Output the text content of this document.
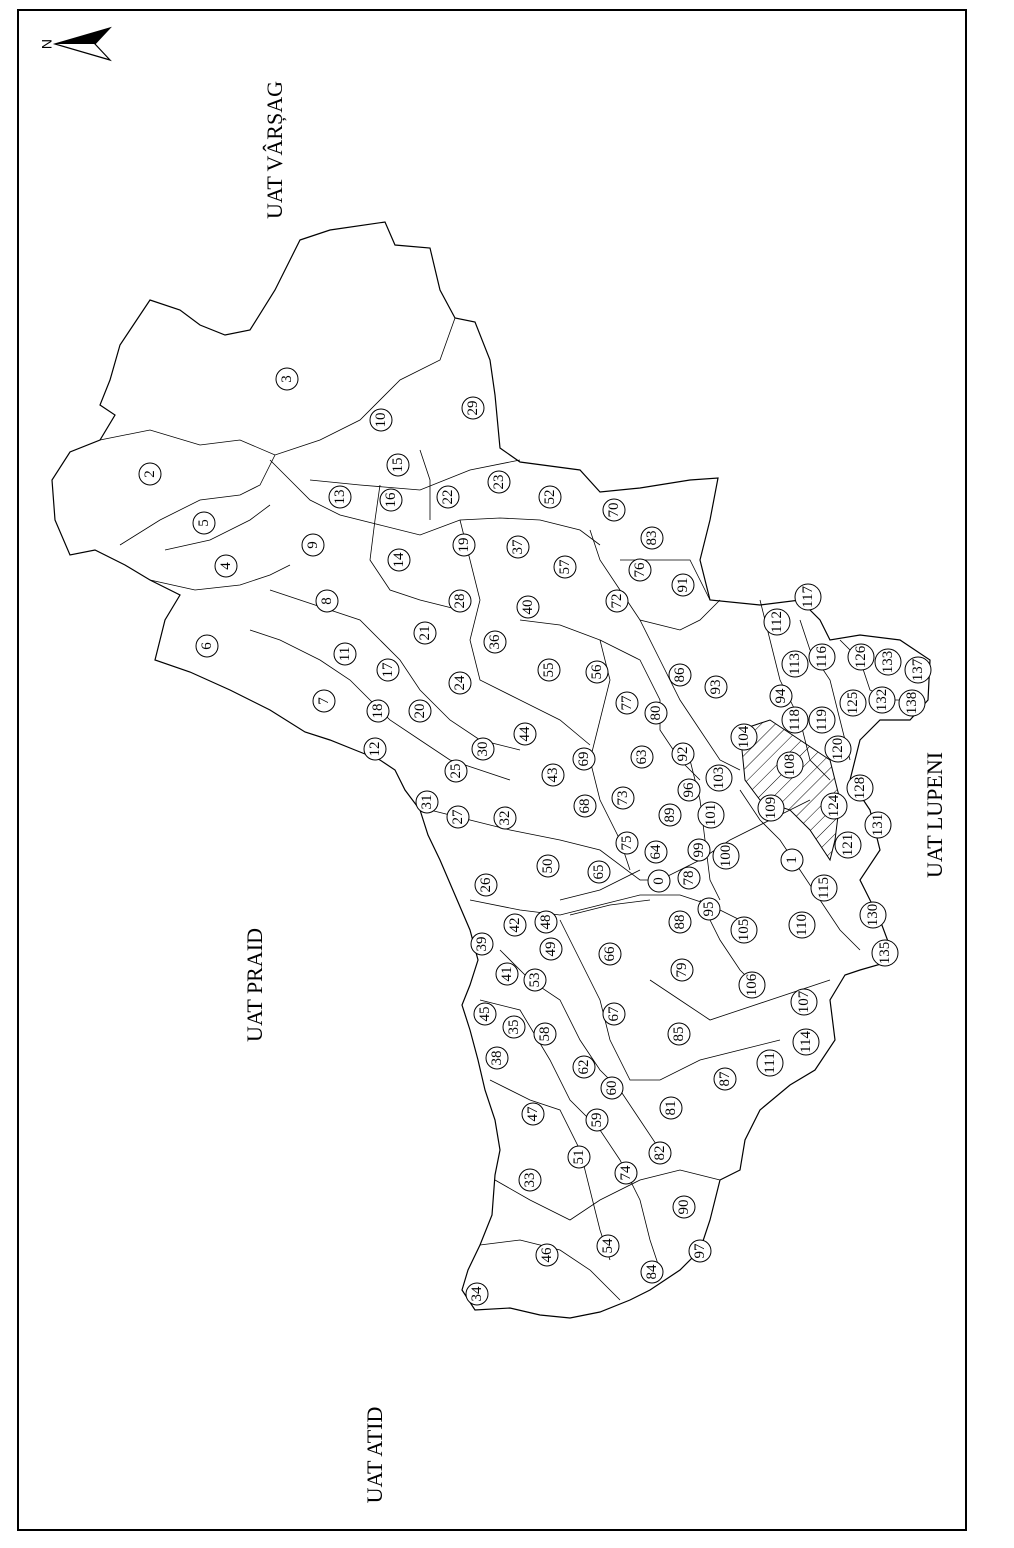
N
UAT VÂRȘAG
UAT PRAID
UAT ATID
UAT LUPENI
3
2
10
15
29
5
13 16	22
23
52
4
9
14
19	37
70
83
6
8	28
57	76
91
11
21
40	72
7
17
36
24
55 56	86
93
18 20
12
44
77
80
94
30
25
69	63 92
43
104
31
27 32
68
73
96
103
108
101
89
99
75
64
109
26
50 65
0 78
100	1
42 48	88
95
39	49	66
105	110
41 53
79
106
45
35 58
67
85
107
114
38
62
60
87
111
47	59
81
51	82
33	74
90
46
54
84
97
34
112
117
113 116 126 133 137
118 119
125 132 138
120
128
124
131
121
115
130
135
